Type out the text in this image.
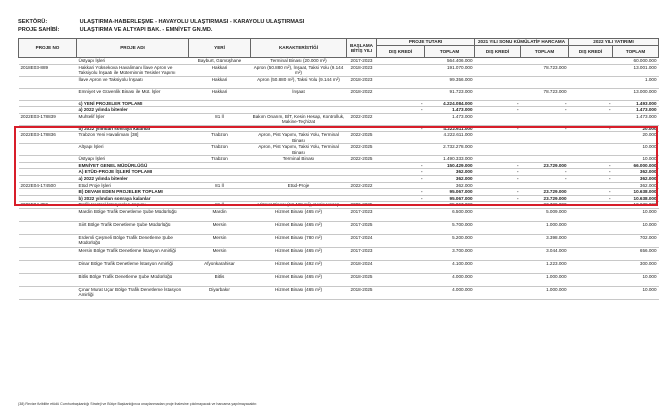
SEKTÖRÜ:	ULAŞTIRMA-HABERLEŞME - HAVAYOLU ULAŞTIRMASI - KARAYOLU ULAŞTIRMASI
PROJE SAHİBİ:	ULAŞTIRMA VE ALTYAPI BAK. - EMNİYET GN.MD.
PROJE NO	PROJE ADI	YERİ	KARAKTERİSTİĞİ	BAŞLAMA BİTİŞ YILI	PROJE TUTARI		2021 YILI SONU KÜMÜLATİF HARCAMA		2022 YILI YATIRIMI	
					DIŞ KREDİ	TOPLAM	DIŞ KREDİ	TOPLAM	DIŞ KREDİ	TOPLAM
	Üstyapı İşleri	Bayburt, Gümüşhane	Terminal Binası (20.000 m²)	2017-2023		564.406.000				60.000.000
2018E03-889	Hakkari Yüksekova Havalimanı İlave Apron ve Taksiyolu İnşaatı ile Müteminnin Tesisler Yapımı	Hakkari	Apron (50.880 m²), İnşaat, Taksi Yolu (9.144 m²)	2018-2023		191.070.000		78.723.000		13.001.000
	İlave Apron ve Taksiyolu İnşaatı	Hakkari	Apron (50.880 m²), Taksi Yolu (9.144 m²)	2018-2023		99.356.000				1.000
	Emniyet ve Güvenlik Binası ile Müt. İşler	Hakkari	İnşaat	2018-2022		91.723.000		78.723.000		13.000.000
	c) YENİ PROJELER TOPLAMI				-	4.224.084.000	-	-	-	1.493.000
	a) 2022 yılında bitenler				-	1.473.000	-	-	-	1.473.000
2022E03-178839	Muhtelif İşler	81 İl	Bakım Onarım, BİT, Kesin Hesap, Kontrolluk, Makine-Teçhizat	2022-2022		1.473.000				1.473.000
	b) 2022 yılından sonraya kalanlar				-	4.222.611.000	-	-	-	20.000
2022E03-178836	Trabzon Yeni Havalimanı [38]	Trabzon	Apron, Pist Yapımı, Taksi Yolu, Terminal Binası	2022-2025		4.222.611.000				20.000
	Altyapı İşleri	Trabzon	Apron, Pist Yapımı, Taksi Yolu, Terminal Binası	2022-2025		2.732.278.000				10.000
	Üstyapı İşleri	Trabzon	Terminal Binası	2022-2025		1.490.333.000				10.000
	EMNİYET GENEL MÜDÜRLÜĞÜ				-	150.429.000	-	23.729.000	-	66.000.000
	A) ETÜD-PROJE İŞLERİ TOPLAMI				-	362.000	-	-	-	362.000
	a) 2022 yılında bitenler				-	362.000	-	-	-	362.000
2022E04-174500	Etüd Proje İşleri	81 İl	Etüd-Proje	2022-2022		362.000				362.000
	B) DEVAM EDEN PROJELER TOPLAMI				-	95.067.000	-	23.729.000	-	10.638.000
	b) 2022 yılından sonraya kalanlar				-	95.067.000	-	23.729.000	-	10.638.000
2006E04-759	Trafik Kontrol İstasyonları Yapımı	81 İl	Hizmet Binası (13.428 m²), Kesin Hesap	2006-2025		95.067.000		23.729.000		10.638.000
	Mardin Bölge Trafik Denetleme Şube Müdürlüğü	Mardin	Hizmet Binası (465 m²)	2017-2023		6.500.000		5.009.000		10.000
	Siirt Bölge Trafik Denetleme Şube Müdürlüğü	Mersin	Hizmet Binası (465 m²)	2017-2025		5.700.000		1.000.000		10.000
	Erdemli Çeşmeli Bölge Trafik Denetleme Şube Müdürlüğü	Mersin	Hizmet Binası (780 m²)	2017-2024		5.200.000		3.398.000		702.000
	Mersin Bölge Trafik Denetleme İstasyon Amirliği	Mersin	Hizmet Binası (465 m²)	2017-2023		3.700.000		3.044.000		656.000
	Dinar Bölge Trafik Denetleme İstasyon Amirliği	Afyonkarahisar	Hizmet Binası (492 m²)	2018-2024		4.100.000		1.223.000		300.000
	Bitlis Bölge Trafik Denetleme Şube Müdürlüğü	Bitlis	Hizmet Binası (465 m²)	2018-2025		4.000.000		1.000.000		10.000
	Çınar Murat Uçar Bölge Trafik Denetleme İstasyon Amirliği	Diyarbakır	Hizmet Binası (465 m²)	2018-2025		4.000.000		1.000.000		10.000
(38) Revize fizibilite etüdü Cumhurbaşkanlığı Strateji ve Bütçe Başkanlığınca onaylanmadan proje ihalesine çıkılmayacak ve harcama yapılmayacaktır.
